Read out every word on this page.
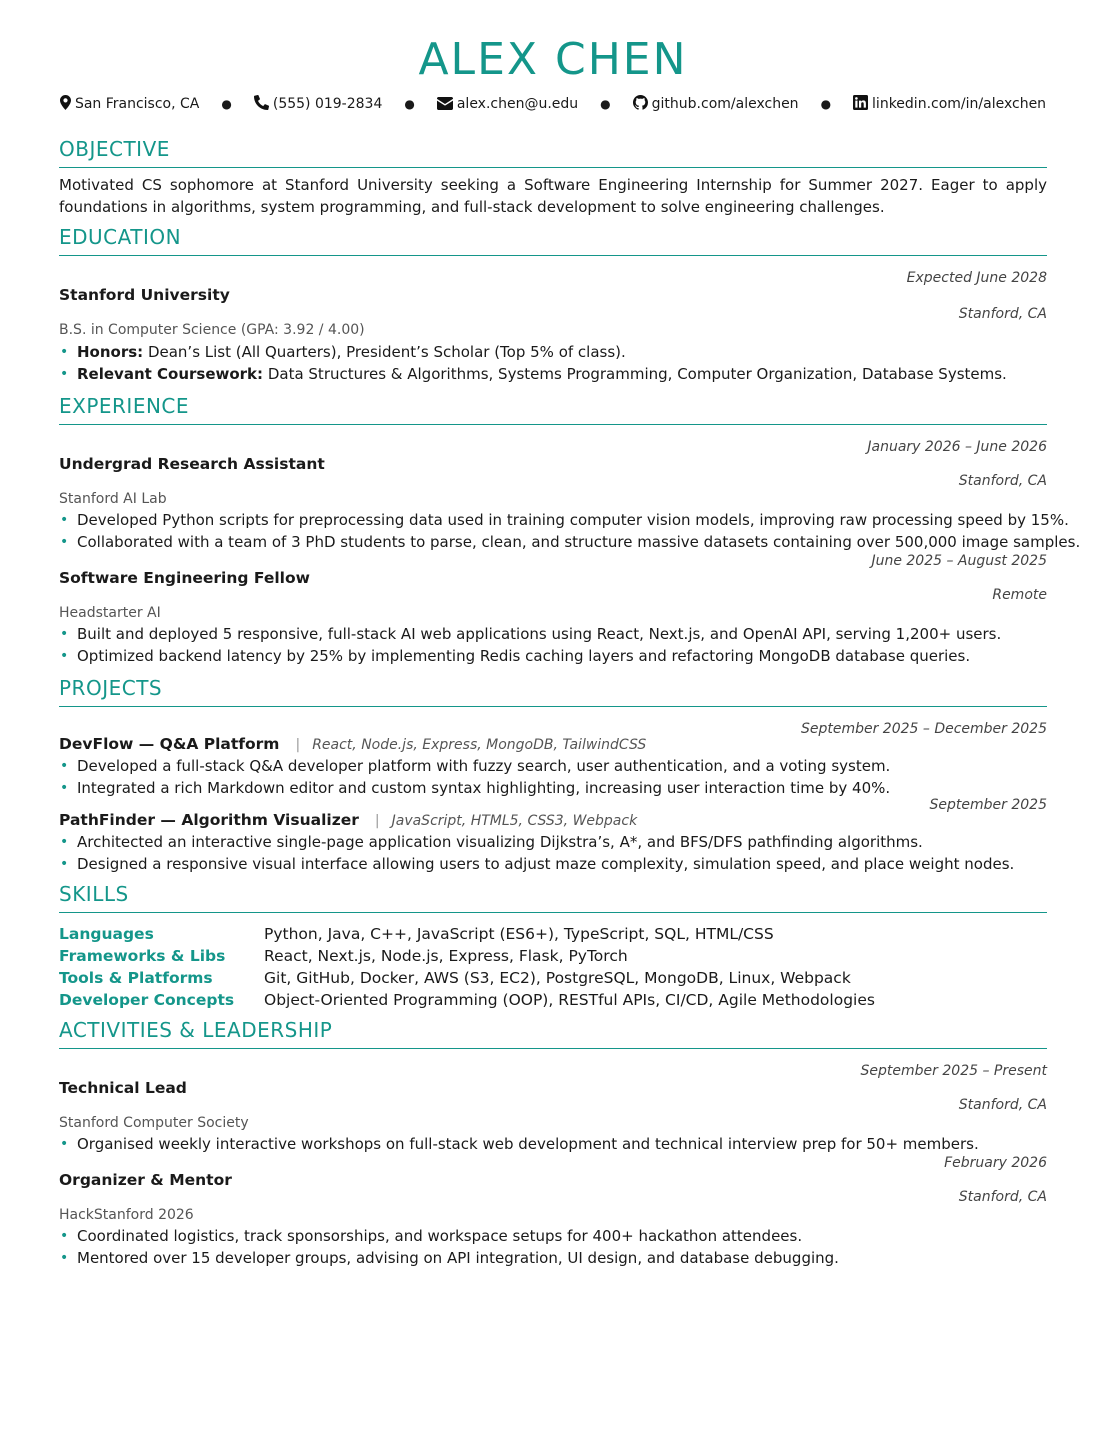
ALEX CHEN
San Francisco, CA ●	(555) 019-2834 ●	alex.chen@u.edu ●	github.com/alexchen ●	linkedin.com/in/alexchen
OBJECTIVE

Motivated CS sophomore at Stanford University seeking a Software Engineering Internship for Summer 2027. Eager to apply foundations in algorithms, system programming, and full-stack development to solve engineering challenges.

EDUCATION
Expected June 2028
Stanford University
B.S. in Computer Science (GPA: 3.92 / 4.00)
Stanford, CA
• Honors: Dean’s List (All Quarters), President’s Scholar (Top 5% of class).
• Relevant Coursework: Data Structures & Algorithms, Systems Programming, Computer Organization, Database Systems.
EXPERIENCE
January 2026 – June 2026
Undergrad Research Assistant
Stanford AI Lab
Stanford, CA
• Developed Python scripts for preprocessing data used in training computer vision models, improving raw processing speed by 15%.
• Collaborated with a team of 3 PhD students to parse, clean, and structure massive datasets containing over 500,000 image samples.
June 2025 – August 2025
Software Engineering Fellow
Headstarter AI
Remote
• Built and deployed 5 responsive, full-stack AI web applications using React, Next.js, and OpenAI API, serving 1,200+ users.
• Optimized backend latency by 25% by implementing Redis caching layers and refactoring MongoDB database queries.
PROJECTS
September 2025 – December 2025
DevFlow — Q&A Platform | React, Node.js, Express, MongoDB, TailwindCSS
• Developed a full-stack Q&A developer platform with fuzzy search, user authentication, and a voting system.
• Integrated a rich Markdown editor and custom syntax highlighting, increasing user interaction time by 40%.
September 2025
PathFinder — Algorithm Visualizer | JavaScript, HTML5, CSS3, Webpack
• Architected an interactive single-page application visualizing Dijkstra’s, A*, and BFS/DFS pathfinding algorithms.
• Designed a responsive visual interface allowing users to adjust maze complexity, simulation speed, and place weight nodes.
SKILLS
Languages	Python, Java, C++, JavaScript (ES6+), TypeScript, SQL, HTML/CSS
Frameworks & Libs	React, Next.js, Node.js, Express, Flask, PyTorch
Tools & Platforms	Git, GitHub, Docker, AWS (S3, EC2), PostgreSQL, MongoDB, Linux, Webpack
Developer Concepts	Object-Oriented Programming (OOP), RESTful APIs, CI/CD, Agile Methodologies
ACTIVITIES & LEADERSHIP
September 2025 – Present
Technical Lead
Stanford Computer Society
Stanford, CA
• Organised weekly interactive workshops on full-stack web development and technical interview prep for 50+ members.
February 2026
Organizer & Mentor
HackStanford 2026
Stanford, CA
• Coordinated logistics, track sponsorships, and workspace setups for 400+ hackathon attendees.
• Mentored over 15 developer groups, advising on API integration, UI design, and database debugging.
